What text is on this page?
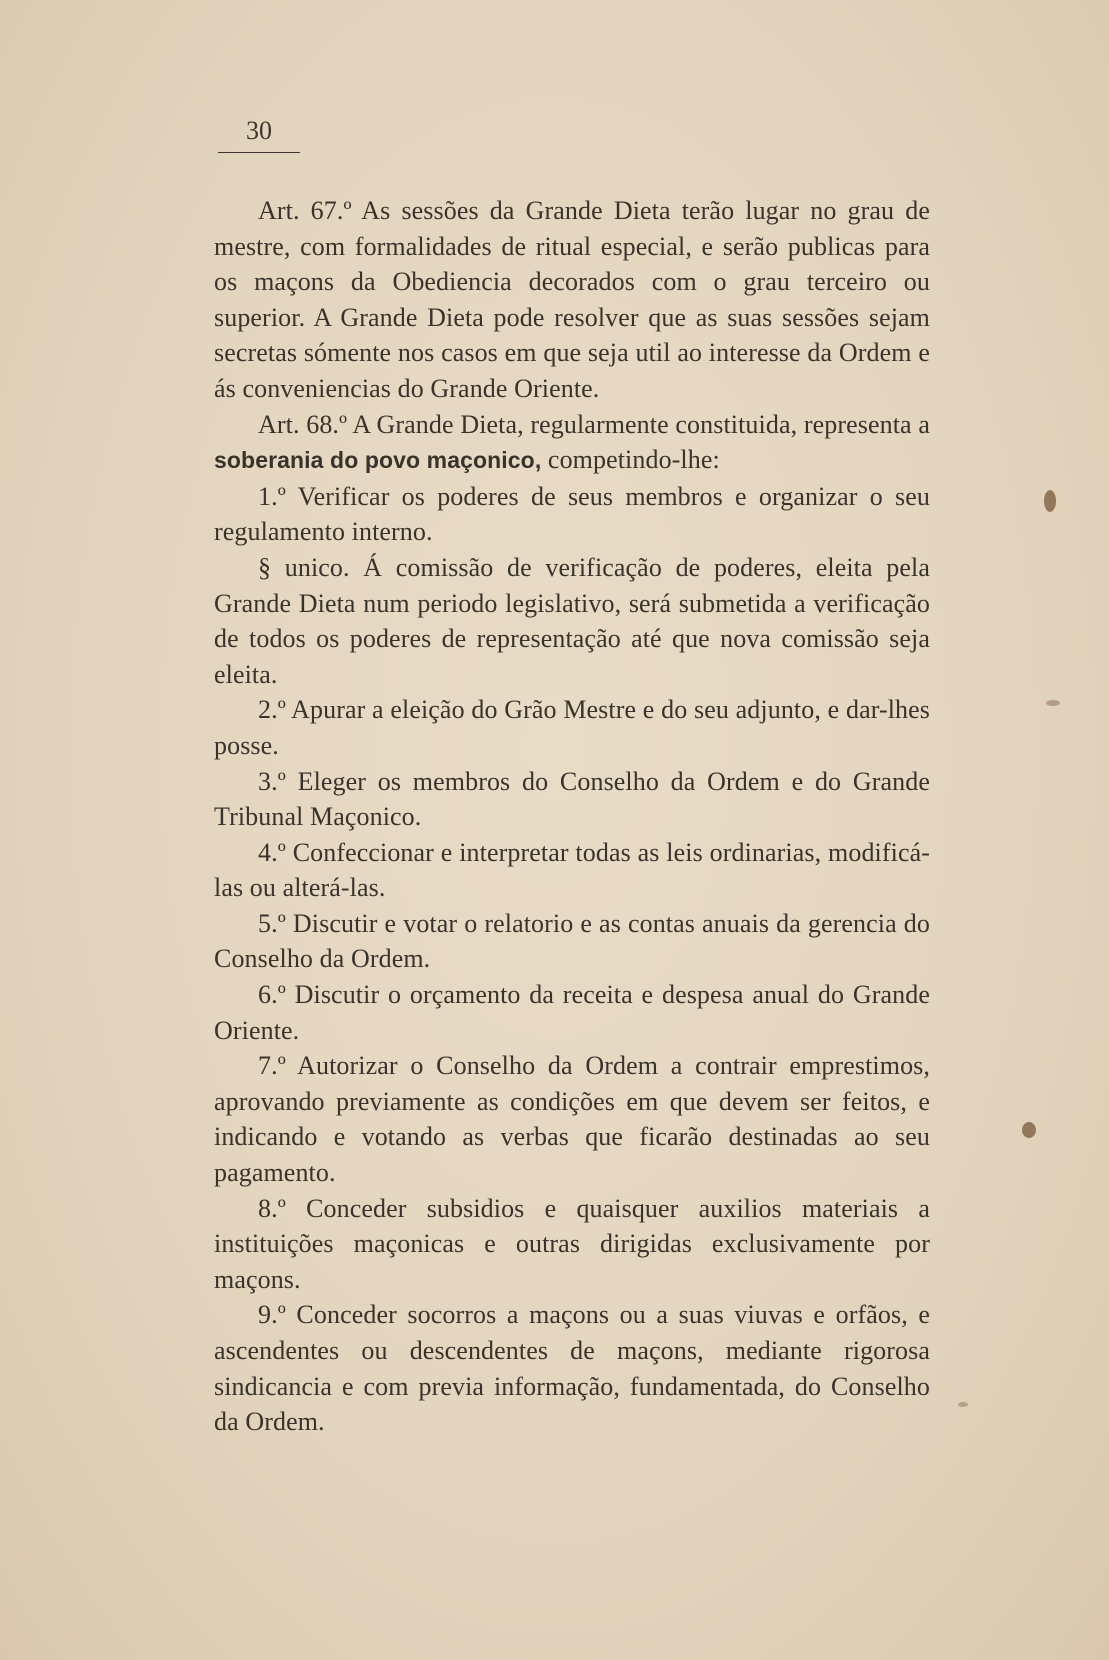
30

Art. 67.º As sessões da Grande Dieta terão lugar no grau de mestre, com formalidades de ritual especial, e serão publicas para os maçons da Obediencia decorados com o grau terceiro ou superior. A Grande Dieta pode resolver que as suas sessões sejam secretas sómente nos casos em que seja util ao interesse da Ordem e ás conveniencias do Grande Oriente.

Art. 68.º A Grande Dieta, regularmente constituida, representa a soberania do povo maçonico, competindo-lhe:

1.º Verificar os poderes de seus membros e organizar o seu regulamento interno.

§ unico. Á comissão de verificação de poderes, eleita pela Grande Dieta num periodo legislativo, será submetida a verificação de todos os poderes de representação até que nova comissão seja eleita.

2.º Apurar a eleição do Grão Mestre e do seu adjunto, e dar-lhes posse.

3.º Eleger os membros do Conselho da Ordem e do Grande Tribunal Maçonico.

4.º Confeccionar e interpretar todas as leis ordinarias, modificá-las ou alterá-las.

5.º Discutir e votar o relatorio e as contas anuais da gerencia do Conselho da Ordem.

6.º Discutir o orçamento da receita e despesa anual do Grande Oriente.

7.º Autorizar o Conselho da Ordem a contrair emprestimos, aprovando previamente as condições em que devem ser feitos, e indicando e votando as verbas que ficarão destinadas ao seu pagamento.

8.º Conceder subsidios e quaisquer auxilios materiais a instituições maçonicas e outras dirigidas exclusivamente por maçons.

9.º Conceder socorros a maçons ou a suas viuvas e orfãos, e ascendentes ou descendentes de maçons, mediante rigorosa sindicancia e com previa informação, fundamentada, do Conselho da Ordem.
